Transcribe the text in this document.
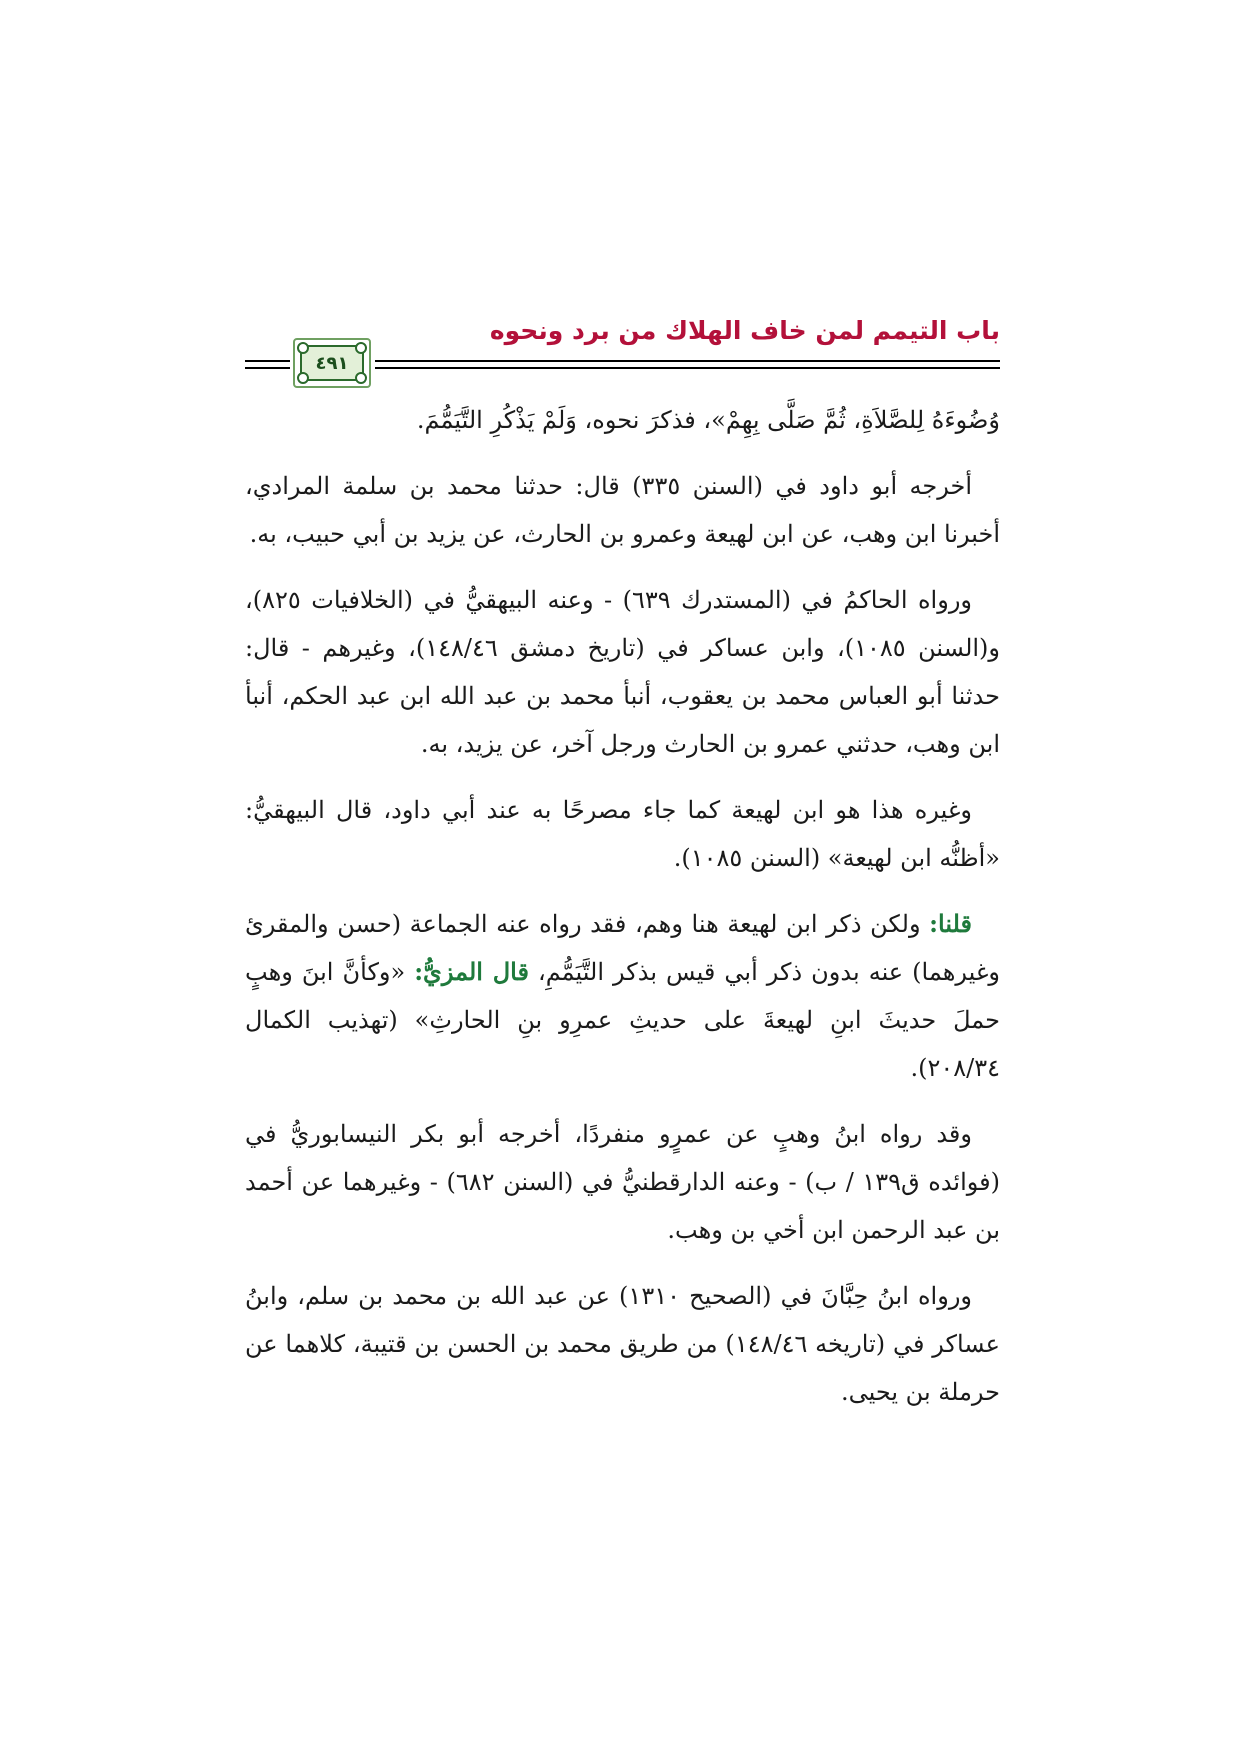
باب التيمم لمن خاف الهلاك من برد ونحوه
٤٩١

وُضُوءَهُ لِلصَّلاَةِ، ثُمَّ صَلَّى بِهِمْ»، فذكرَ نحوه، وَلَمْ يَذْكُرِ التَّيَمُّمَ.

أخرجه أبو داود في (السنن ٣٣٥) قال: حدثنا محمد بن سلمة المرادي، أخبرنا ابن وهب، عن ابن لهيعة وعمرو بن الحارث، عن يزيد بن أبي حبيب، به.

ورواه الحاكمُ في (المستدرك ٦٣٩) - وعنه البيهقيُّ في (الخلافيات ٨٢٥)، و(السنن ١٠٨٥)، وابن عساكر في (تاريخ دمشق ١٤٨/٤٦)، وغيرهم - قال: حدثنا أبو العباس محمد بن يعقوب، أنبأ محمد بن عبد الله ابن عبد الحكم، أنبأ ابن وهب، حدثني عمرو بن الحارث ورجل آخر، عن يزيد، به.

وغيره هذا هو ابن لهيعة كما جاء مصرحًا به عند أبي داود، قال البيهقيُّ: «أظنُّه ابن لهيعة» (السنن ١٠٨٥).

قلنا: ولكن ذكر ابن لهيعة هنا وهم، فقد رواه عنه الجماعة (حسن والمقرئ وغيرهما) عنه بدون ذكر أبي قيس بذكر التَّيَمُّمِ، قال المزيُّ: «وكأنَّ ابنَ وهبٍ حملَ حديثَ ابنِ لهيعةَ على حديثِ عمرِو بنِ الحارثِ» (تهذيب الكمال ٢٠٨/٣٤).

وقد رواه ابنُ وهبٍ عن عمرٍو منفردًا، أخرجه أبو بكر النيسابوريُّ في (فوائده ق١٣٩ / ب) - وعنه الدارقطنيُّ في (السنن ٦٨٢) - وغيرهما عن أحمد بن عبد الرحمن ابن أخي بن وهب.

ورواه ابنُ حِبَّانَ في (الصحيح ١٣١٠) عن عبد الله بن محمد بن سلم، وابنُ عساكر في (تاريخه ١٤٨/٤٦) من طريق محمد بن الحسن بن قتيبة، كلاهما عن حرملة بن يحيى.
